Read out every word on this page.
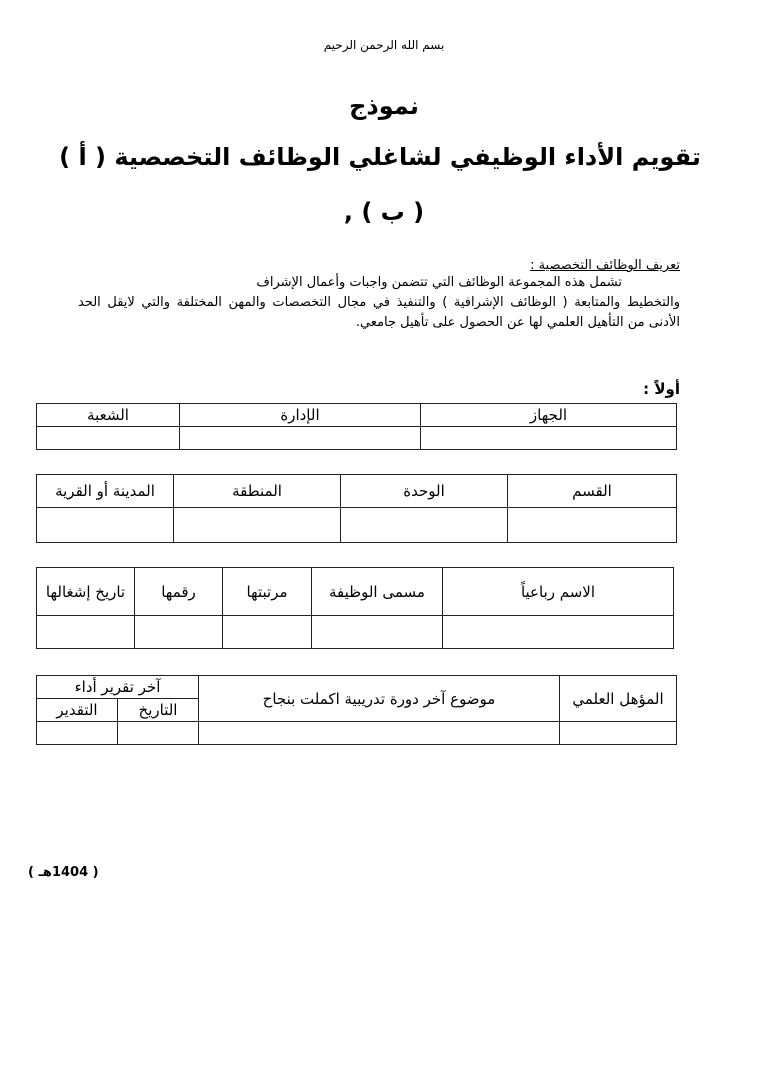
بسم الله الرحمن الرحيم
نموذج
تقويم الأداء الوظيفي لشاغلي الوظائف التخصصية ( أ )
( ب ) ,
تعريف الوظائف التخصصية :
تشمل هذه المجموعة الوظائف التي تتضمن واجبات وأعمال الإشراف
والتخطيط والمتابعة ( الوظائف الإشرافية ) والتنفيذ في مجال التخصصات والمهن المختلفة والتي لايقل الحد الأدنى من التأهيل العلمي لها عن الحصول على تأهيل جامعي.
أولاً :
الجهاز	الإدارة	الشعبة

القسم	الوحدة	المنطقة	المدينة أو القرية

الاسم رباعياً	مسمى الوظيفة	مرتبتها	رقمها	تاريخ إشغالها

المؤهل العلمي	موضوع آخر دورة تدريبية اكملت بنجاح	آخر تقرير أداء	
		التاريخ	التقدير

( 1404هـ )
